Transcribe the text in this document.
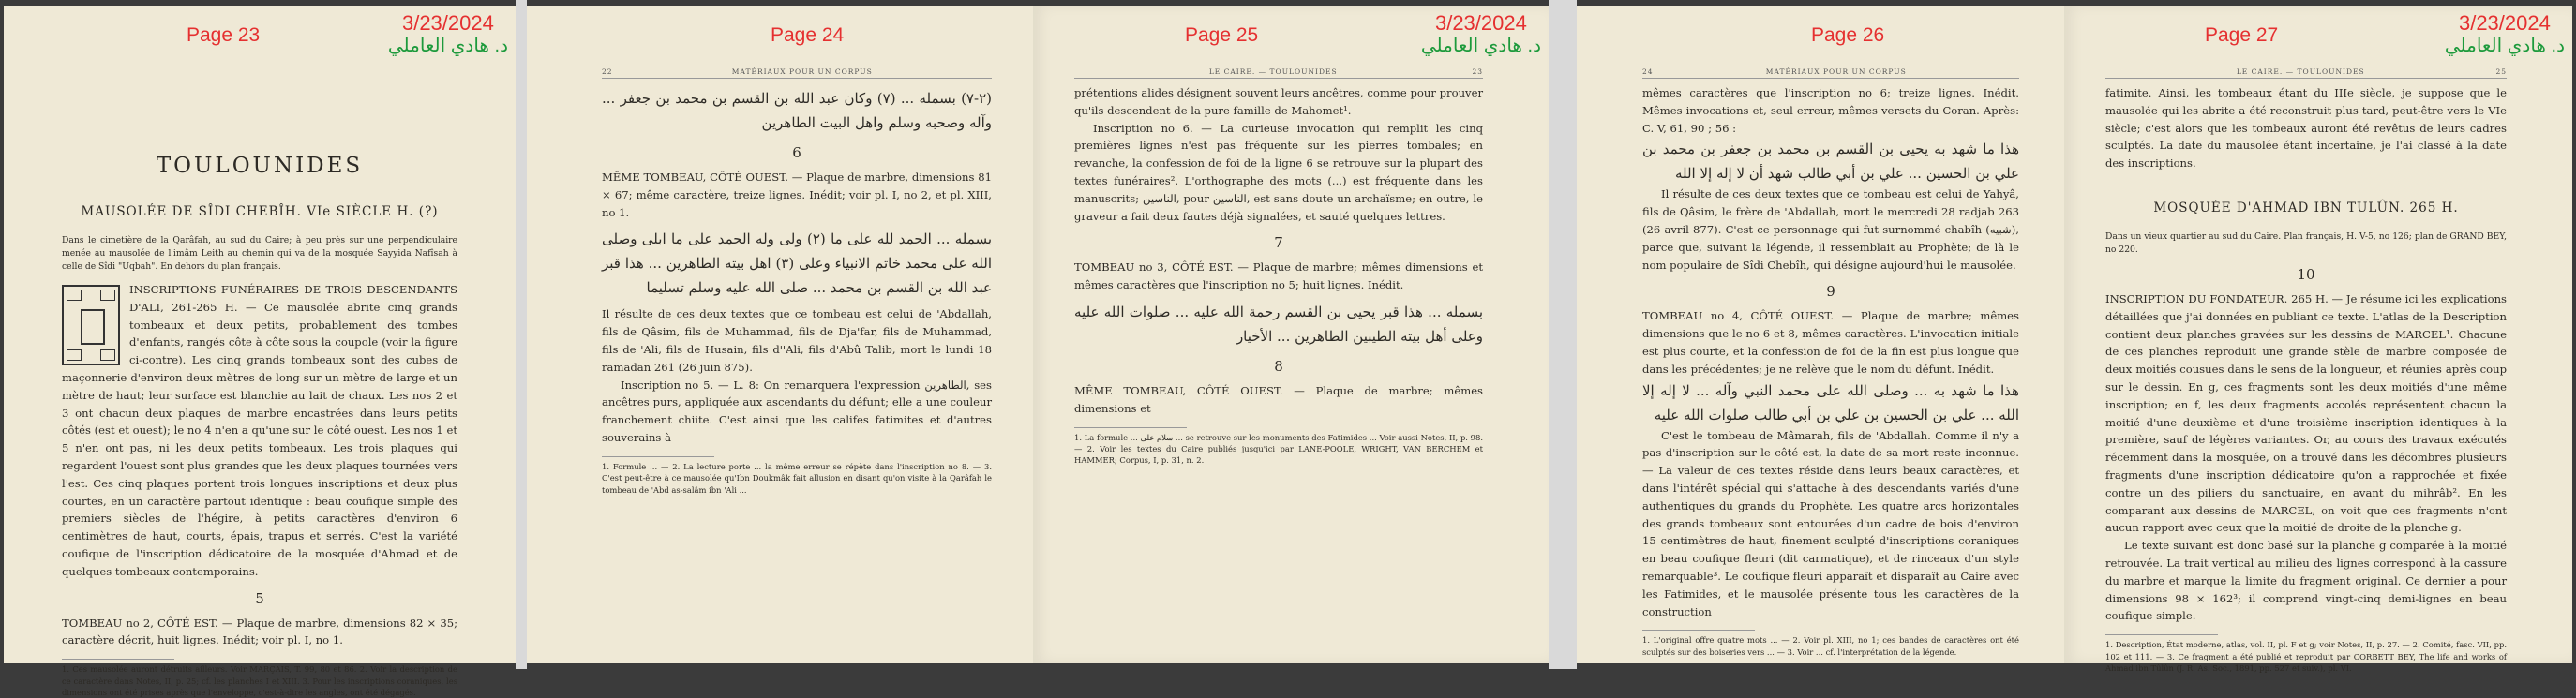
Page 23
3/23/2024
د. هادي العاملي
TOULOUNIDES
MAUSOLÉE DE SÎDI CHEBÎH. VIe SIÈCLE H. (?)

Dans le cimetière de la Qarâfah, au sud du Caire; à peu près sur une perpendiculaire menée au mausolée de l'imâm Leith au chemin qui va de la mosquée Sayyida Nafîsah à celle de Sîdi "Uqbah". En dehors du plan français.

INSCRIPTIONS FUNÉRAIRES DE TROIS DESCENDANTS D'ALI, 261-265 H. — Ce mausolée abrite cinq grands tombeaux et deux petits, probablement des tombes d'enfants, rangés côte à côte sous la coupole (voir la figure ci-contre). Les cinq grands tombeaux sont des cubes de maçonnerie d'environ deux mètres de long sur un mètre de large et un mètre de haut; leur surface est blanchie au lait de chaux. Les nos 2 et 3 ont chacun deux plaques de marbre encastrées dans leurs petits côtés (est et ouest); le no 4 n'en a qu'une sur le côté ouest. Les nos 1 et 5 n'en ont pas, ni les deux petits tombeaux. Les trois plaques qui regardent l'ouest sont plus grandes que les deux plaques tournées vers l'est. Ces cinq plaques portent trois longues inscriptions et deux plus courtes, en un caractère partout identique : beau coufique simple des premiers siècles de l'hégire, à petits caractères d'environ 6 centimètres de haut, courts, épais, trapus et serrés. C'est la variété coufique de l'inscription dédicatoire de la mosquée d'Ahmad et de quelques tombeaux contemporains.

5

TOMBEAU no 2, CÔTÉ EST. — Plaque de marbre, dimensions 82 × 35; caractère décrit, huit lignes. Inédit; voir pl. I, no 1.

1. Ces mausolée auront détruits ailleurs. Voir MARÇAIS, T. 99, 80 et 86. 2. Voir la description de ce caractère dans Notes, II, p. 25; cf. les planches I et XIII. 3. Pour les inscriptions coraniques, les dimensions ont été prises après que l'enveloppe, c'est-à-dire les angles, ont été dégagés.

Page 24
22	MATÉRIAUX POUR UN CORPUS

(٢-٧) بسمله ... (٧) وكان عبد الله بن القسم بن محمد بن جعفر ... وآله وصحبه وسلم واهل البيت الطاهرين

6

MÊME TOMBEAU, CÔTÉ OUEST. — Plaque de marbre, dimensions 81 × 67; même caractère, treize lignes. Inédit; voir pl. I, no 2, et pl. XIII, no 1.

بسمله ... الحمد لله على ما (٢) ولى وله الحمد على ما ابلى وصلى الله على محمد خاتم الانبياء وعلى (٣) اهل بيته الطاهرين ... هذا قبر عبد الله بن القسم بن محمد ... صلى الله عليه وسلم تسليما

Il résulte de ces deux textes que ce tombeau est celui de 'Abdallah, fils de Qâsim, fils de Muhammad, fils de Dja'far, fils de Muhammad, fils de 'Ali, fils de Husain, fils d''Ali, fils d'Abû Talib, mort le lundi 18 ramadan 261 (26 juin 875).

Inscription no 5. — L. 8: On remarquera l'expression الطاهرين, ses ancêtres purs, appliquée aux ascendants du défunt; elle a une couleur franchement chiite. C'est ainsi que les califes fatimites et d'autres souverains à

1. Formule ... — 2. La lecture porte ... la même erreur se répète dans l'inscription no 8. — 3. C'est peut-être à ce mausolée qu'Ibn Doukmâk fait allusion en disant qu'on visite à la Qarâfah le tombeau de 'Abd as-salâm ibn 'Ali ...

Page 25
3/23/2024
د. هادي العاملي
LE CAIRE. — TOULOUNIDES	23

prétentions alides désignent souvent leurs ancêtres, comme pour prouver qu'ils descendent de la pure famille de Mahomet¹.

Inscription no 6. — La curieuse invocation qui remplit les cinq premières lignes n'est pas fréquente sur les pierres tombales; en revanche, la confession de foi de la ligne 6 se retrouve sur la plupart des textes funéraires². L'orthographe des mots (...) est fréquente dans les manuscrits; الناسين, pour الناسين, est sans doute un archaïsme; en outre, le graveur a fait deux fautes déjà signalées, et sauté quelques lettres.

7

TOMBEAU no 3, CÔTÉ EST. — Plaque de marbre; mêmes dimensions et mêmes caractères que l'inscription no 5; huit lignes. Inédit.

بسمله ... هذا قبر يحيى بن القسم رحمة الله عليه ... صلوات الله عليه وعلى أهل بيته الطيبين الطاهرين ... الأخيار

8

MÊME TOMBEAU, CÔTÉ OUEST. — Plaque de marbre; mêmes dimensions et

1. La formule ... سلام على ... se retrouve sur les monuments des Fatimides ... Voir aussi Notes, II, p. 98. — 2. Voir les textes du Caire publiés jusqu'ici par LANE-POOLE, WRIGHT, VAN BERCHEM et HAMMER; Corpus, I, p. 31, n. 2.

Page 26
24	MATÉRIAUX POUR UN CORPUS

mêmes caractères que l'inscription no 6; treize lignes. Inédit. Mêmes invocations et, seul erreur, mêmes versets du Coran. Après: C. V, 61, 90 ; 56 :

هذا ما شهد به يحيى بن القسم بن محمد بن جعفر بن محمد بن علي بن الحسين ... علي بن أبي طالب شهد أن لا إله إلا الله

Il résulte de ces deux textes que ce tombeau est celui de Yahyâ, fils de Qâsim, le frère de 'Abdallah, mort le mercredi 28 radjab 263 (26 avril 877). C'est ce personnage qui fut surnommé chabîh (شبيه), parce que, suivant la légende, il ressemblait au Prophète; de là le nom populaire de Sîdi Chebîh, qui désigne aujourd'hui le mausolée.

9

TOMBEAU no 4, CÔTÉ OUEST. — Plaque de marbre; mêmes dimensions que le no 6 et 8, mêmes caractères. L'invocation initiale est plus courte, et la confession de foi de la fin est plus longue que dans les précédentes; je ne relève que le nom du défunt. Inédit.

هذا ما شهد به ... وصلى الله على محمد النبي وآله ... لا إله إلا الله ... علي بن الحسين بن علي بن أبي طالب صلوات الله عليه

C'est le tombeau de Mâmarah, fils de 'Abdallah. Comme il n'y a pas d'inscription sur le côté est, la date de sa mort reste inconnue. — La valeur de ces textes réside dans leurs beaux caractères, et dans l'intérêt spécial qui s'attache à des descendants variés d'une authentiques du grands du Prophète. Les quatre arcs horizontales des grands tombeaux sont entourées d'un cadre de bois d'environ 15 centimètres de haut, finement sculpté d'inscriptions coraniques en beau coufique fleuri (dit carmatique), et de rinceaux d'un style remarquable³. Le coufique fleuri apparaît et disparaît au Caire avec les Fatimides, et le mausolée présente tous les caractères de la construction

1. L'original offre quatre mots ... — 2. Voir pl. XIII, no 1; ces bandes de caractères ont été sculptés sur des boiseries vers ... — 3. Voir ... cf. l'interprétation de la légende.

Page 27
3/23/2024
د. هادي العاملي
LE CAIRE. — TOULOUNIDES	25

fatimite. Ainsi, les tombeaux étant du IIIe siècle, je suppose que le mausolée qui les abrite a été reconstruit plus tard, peut-être vers le VIe siècle; c'est alors que les tombeaux auront été revêtus de leurs cadres sculptés. La date du mausolée étant incertaine, je l'ai classé à la date des inscriptions.

MOSQUÉE D'AHMAD IBN TULÛN. 265 H.

Dans un vieux quartier au sud du Caire. Plan français, H. V-5, no 126; plan de GRAND BEY, no 220.

10

INSCRIPTION DU FONDATEUR. 265 H. — Je résume ici les explications détaillées que j'ai données en publiant ce texte. L'atlas de la Description contient deux planches gravées sur les dessins de MARCEL¹. Chacune de ces planches reproduit une grande stèle de marbre composée de deux moitiés cousues dans le sens de la longueur, et réunies après coup sur le dessin. En g, ces fragments sont les deux moitiés d'une même inscription; en f, les deux fragments accolés représentent chacun la moitié d'une deuxième et d'une troisième inscription identiques à la première, sauf de légères variantes. Or, au cours des travaux exécutés récemment dans la mosquée, on a trouvé dans les décombres plusieurs fragments d'une inscription dédicatoire qu'on a rapprochée et fixée contre un des piliers du sanctuaire, en avant du mihrâb². En les comparant aux dessins de MARCEL, on voit que ces fragments n'ont aucun rapport avec ceux que la moitié de droite de la planche g.

Le texte suivant est donc basé sur la planche g comparée à la moitié retrouvée. La trait vertical au milieu des lignes correspond à la cassure du marbre et marque la limite du fragment original. Ce dernier a pour dimensions 98 × 162³; il comprend vingt-cinq demi-lignes en beau coufique simple.

1. Description, État moderne, atlas, vol. II, pl. F et g; voir Notes, II, p. 27. — 2. Comité, fasc. VII, pp. 102 et 111. — 3. Ce fragment a été publié et reproduit par CORBETT BEY, The life and works of Ahmad ibn Tûlûn (J. R. As. Soc., 1891, pp. 527 et suiv.), pl. VI.
